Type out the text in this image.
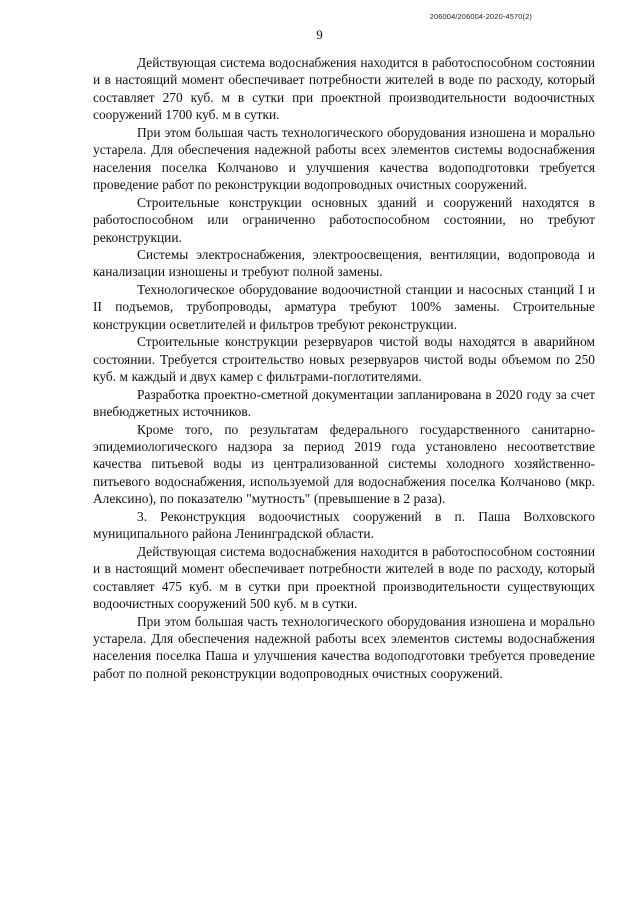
206004/206004-2020-4570(2)
9

Действующая система водоснабжения находится в работоспособном состоянии и в настоящий момент обеспечивает потребности жителей в воде по расходу, который составляет 270 куб. м в сутки при проектной производительности водоочистных сооружений 1700 куб. м в сутки.

При этом большая часть технологического оборудования изношена и морально устарела. Для обеспечения надежной работы всех элементов системы водоснабжения населения поселка Колчаново и улучшения качества водоподготовки требуется проведение работ по реконструкции водопроводных очистных сооружений.

Строительные конструкции основных зданий и сооружений находятся в работоспособном или ограниченно работоспособном состоянии, но требуют реконструкции.

Системы электроснабжения, электроосвещения, вентиляции, водопровода и канализации изношены и требуют полной замены.

Технологическое оборудование водоочистной станции и насосных станций I и II подъемов, трубопроводы, арматура требуют 100% замены. Строительные конструкции осветлителей и фильтров требуют реконструкции.

Строительные конструкции резервуаров чистой воды находятся в аварийном состоянии. Требуется строительство новых резервуаров чистой воды объемом по 250 куб. м каждый и двух камер с фильтрами-поглотителями.

Разработка проектно-сметной документации запланирована в 2020 году за счет внебюджетных источников.

Кроме того, по результатам федерального государственного санитарно-эпидемиологического надзора за период 2019 года установлено несоответствие качества питьевой воды из централизованной системы холодного хозяйственно-питьевого водоснабжения, используемой для водоснабжения поселка Колчаново (мкр. Алексино), по показателю "мутность" (превышение в 2 раза).

3. Реконструкция водоочистных сооружений в п. Паша Волховского муниципального района Ленинградской области.

Действующая система водоснабжения находится в работоспособном состоянии и в настоящий момент обеспечивает потребности жителей в воде по расходу, который составляет 475 куб. м в сутки при проектной производительности существующих водоочистных сооружений 500 куб. м в сутки.

При этом большая часть технологического оборудования изношена и морально устарела. Для обеспечения надежной работы всех элементов системы водоснабжения населения поселка Паша и улучшения качества водоподготовки требуется проведение работ по полной реконструкции водопроводных очистных сооружений.
